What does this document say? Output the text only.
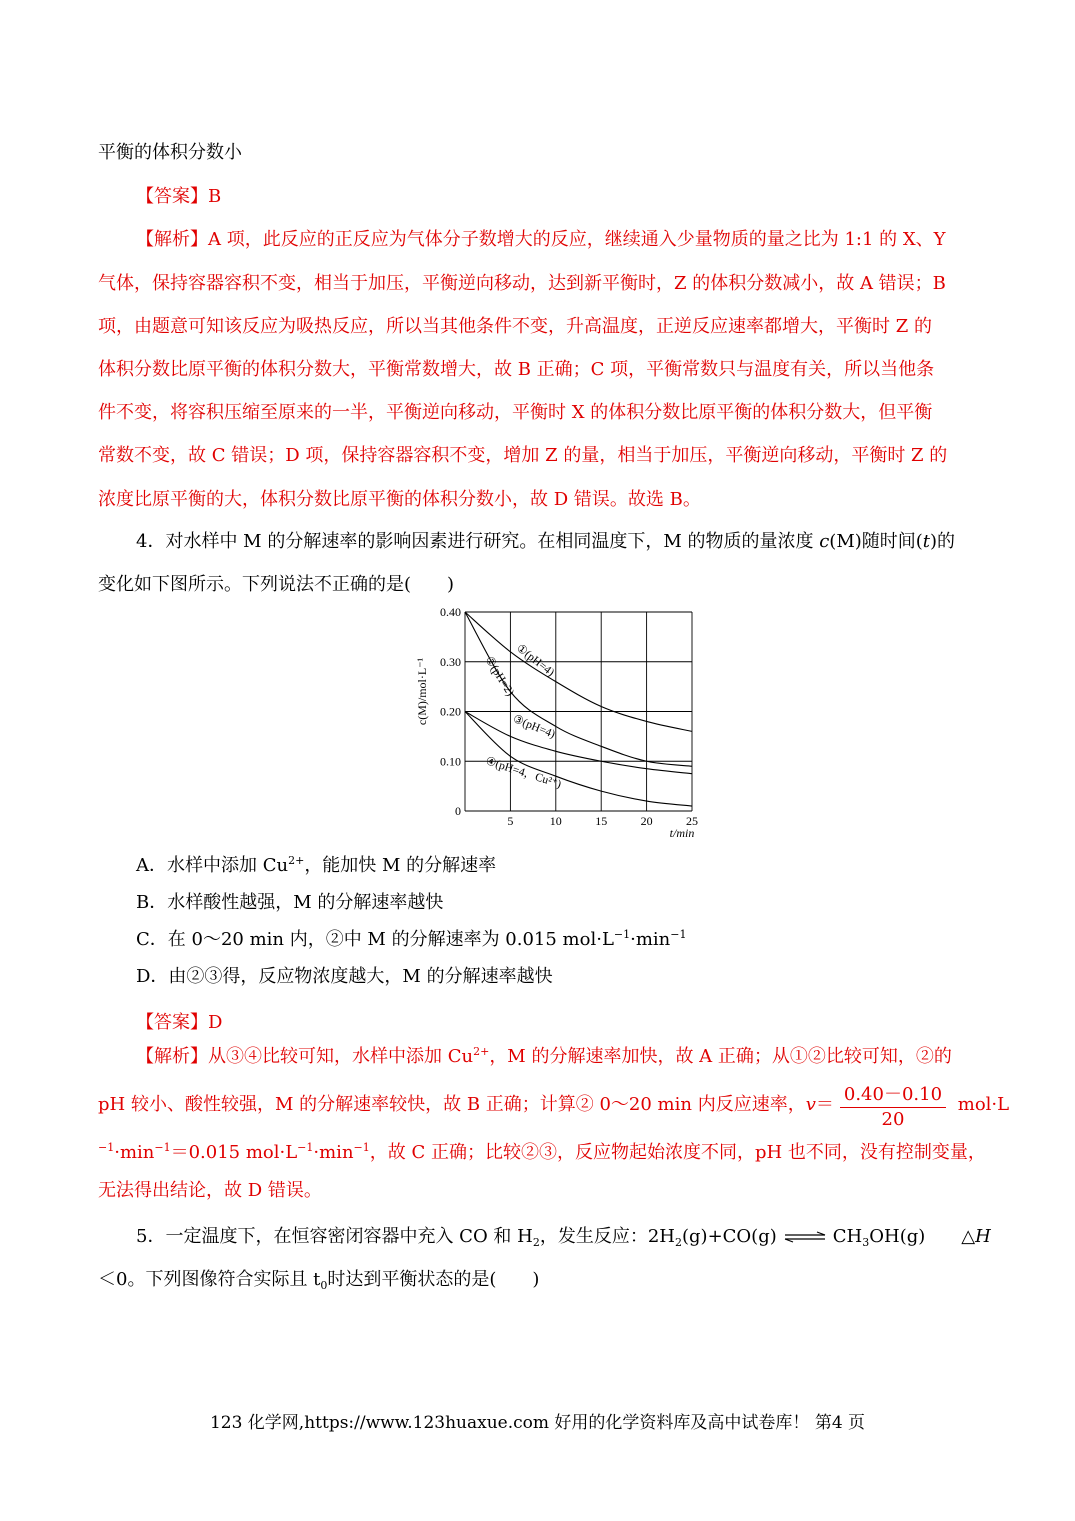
平衡的体积分数小
【答案】B
【解析】A 项，此反应的正反应为气体分子数增大的反应，继续通入少量物质的量之比为 1:1 的 X、Y
气体，保持容器容积不变，相当于加压，平衡逆向移动，达到新平衡时，Z 的体积分数减小，故 A 错误；B
项，由题意可知该反应为吸热反应，所以当其他条件不变，升高温度，正逆反应速率都增大，平衡时 Z 的
体积分数比原平衡的体积分数大，平衡常数增大，故 B 正确；C 项，平衡常数只与温度有关，所以当他条
件不变，将容积压缩至原来的一半，平衡逆向移动，平衡时 X 的体积分数比原平衡的体积分数大，但平衡
常数不变，故 C 错误；D 项，保持容器容积不变，增加 Z 的量，相当于加压，平衡逆向移动，平衡时 Z 的
浓度比原平衡的大，体积分数比原平衡的体积分数小，故 D 错误。故选 B。
4．对水样中 M 的分解速率的影响因素进行研究。在相同温度下，M 的物质的量浓度 c(M)随时间(t)的
变化如下图所示。下列说法不正确的是(　　)
5	10	15	20	25
0
0.10
0.20
0.30
0.40
c(M)/mol·L⁻¹
t/min
①(pH=4)
②(pH=2)
③(pH=4)
④(pH=4，Cu²⁺)
A．水样中添加 $Cu^{2+}$，能加快 M 的分解速率
B．水样酸性越强，M 的分解速率越快
C．在 0～20 min 内，②中 M 的分解速率为 0.015 $mol\cdot L^{-1}\cdot\min^{-1}$
D．由②③得，反应物浓度越大，M 的分解速率越快
【答案】D
【解析】从③④比较可知，水样中添加 $Cu^{2+}$，M 的分解速率加快，故 A 正确；从①②比较可知，②的
pH 较小、酸性较强，M 的分解速率较快，故 B 正确；计算② 0～20 min 内反应速率，$v= \frac{0.40-0.10}{20} mol\cdot L$
$^{-1}\cdot\min^{-1}=0.015$ $mol\cdot L^{-1}\cdot\min^{-1}$，故 C 正确；比较②③，反应物起始浓度不同，pH 也不同，没有控制变量，
无法得出结论，故 D 错误。
5．一定温度下，在恒容密闭容器中充入 CO 和 $H_2$，发生反应：$2H_2(g)+CO(g)$ ⇌ $CH_3OH(g)$ △H
＜0。下列图像符合实际且 $t_0$时达到平衡状态的是(　　)
123 化学网,https://www.123huaxue.com 好用的化学资料库及高中试卷库！ 第4 页
